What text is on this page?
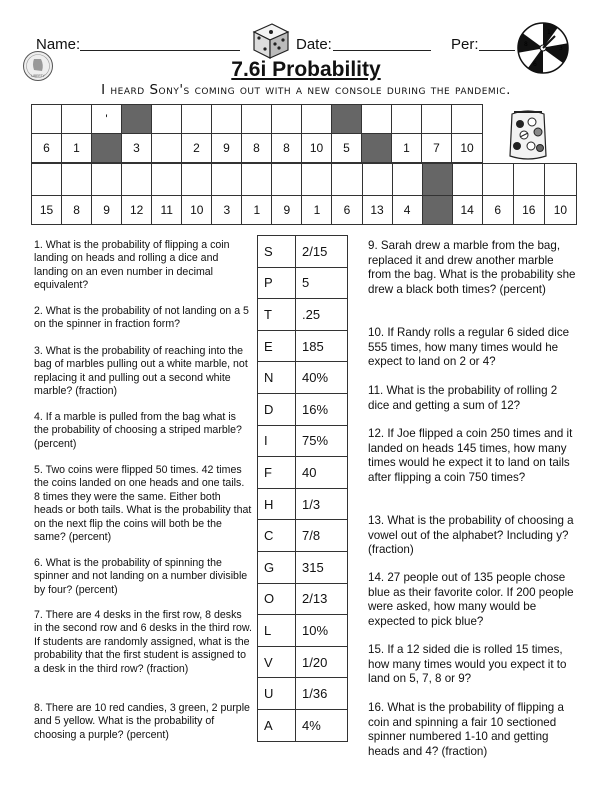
Name:	Date:	Per:
1
3
6
8
LIBERTY	7.6i Probability
I heard Sony's coming out with a new console during the pandemic.
		'												
6	1		3		2	9	8	8	10	5		1	7	10

15	8	9	12	11	10	3	1	9	1	6	13	4		14	6	16	10
1. What is the probability of flipping a coin landing on heads and rolling a dice and landing on an even number in decimal equivalent?
2. What is the probability of not landing on a 5 on the spinner in fraction form?
3. What is the probability of reaching into the bag of marbles pulling out a white marble, not replacing it and pulling out a second white marble? (fraction)
4. If a marble is pulled from the bag what is the probability of choosing a striped marble? (percent)
5. Two coins were flipped 50 times. 42 times the coins landed on one heads and one tails. 8 times they were the same. Either both heads or both tails. What is the probability that on the next flip the coins will both be the same? (percent)
6. What is the probability of spinning the spinner and not landing on a number divisible by four? (percent)
7. There are 4 desks in the first row, 8 desks in the second row and 6 desks in the third row. If students are randomly assigned, what is the probability that the first student is assigned to a desk in the third row? (fraction)
8. There are 10 red candies, 3 green, 2 purple and 5 yellow. What is the probability of choosing a purple? (percent)
S	2/15
P	5
T	.25
E	185
N	40%
D	16%
I	75%
F	40
H	1/3
C	7/8
G	315
O	2/13
L	10%
V	1/20
U	1/36
A	4%
9. Sarah drew a marble from the bag, replaced it and drew another marble from the bag. What is the probability she drew a black both times? (percent)
10. If Randy rolls a regular 6 sided dice 555 times, how many times would he expect to land on 2 or 4?
11. What is the probability of rolling 2 dice and getting a sum of 12?
12. If Joe flipped a coin 250 times and it landed on heads 145 times, how many times would he expect it to land on tails after flipping a coin 750 times?
13. What is the probability of choosing a vowel out of the alphabet? Including y? (fraction)
14. 27 people out of 135 people chose blue as their favorite color. If 200 people were asked, how many would be expected to pick blue?
15. If a 12 sided die is rolled 15 times, how many times would you expect it to land on 5, 7, 8 or 9?
16. What is the probability of flipping a coin and spinning a fair 10 sectioned spinner numbered 1-10 and getting heads and 4? (fraction)
